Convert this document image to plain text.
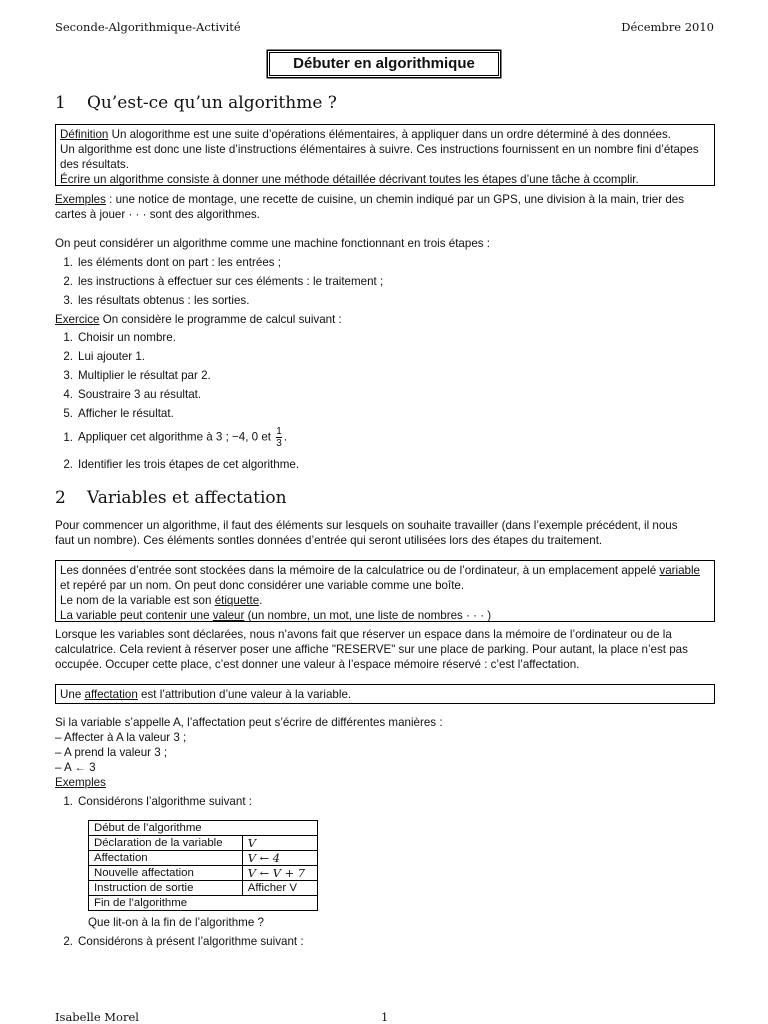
Seconde-Algorithmique-Activité	Décembre 2010
Débuter en algorithmique
1 Qu’est-ce qu’un algorithme ?
Définition Un alogorithme est une suite d’opérations élémentaires, à appliquer dans un ordre déterminé à des données.
Un algorithme est donc une liste d’instructions élémentaires à suivre. Ces instructions fournissent en un nombre fini d’étapes
des résultats.
Écrire un algorithme consiste à donner une méthode détaillée décrivant toutes les étapes d’une tâche à ccomplir.
Exemples : une notice de montage, une recette de cuisine, un chemin indiqué par un GPS, une division à la main, trier des
cartes à jouer · · · sont des algorithmes.
On peut considérer un algorithme comme une machine fonctionnant en trois étapes :
1. les éléments dont on part : les entrées ;
2. les instructions à effectuer sur ces éléments : le traitement ;
3. les résultats obtenus : les sorties.
Exercice On considère le programme de calcul suivant :
1. Choisir un nombre.
2. Lui ajouter 1.
3. Multiplier le résultat par 2.
4. Soustraire 3 au résultat.
5. Afficher le résultat.
1. Appliquer cet algorithme à 3 ; −4, 0 et $\frac{1}{3}$ .
2. Identifier les trois étapes de cet algorithme.
2 Variables et affectation
Pour commencer un algorithme, il faut des éléments sur lesquels on souhaite travailler (dans l’exemple précédent, il nous
faut un nombre). Ces éléments sontles données d’entrée qui seront utilisées lors des étapes du traitement.
Les données d’entrée sont stockées dans la mémoire de la calculatrice ou de l’ordinateur, à un emplacement appelé variable
et repéré par un nom. On peut donc considérer une variable comme une boîte.
Le nom de la variable est son étiquette.
La variable peut contenir une valeur (un nombre, un mot, une liste de nombres · · · )
Lorsque les variables sont déclarées, nous n’avons fait que réserver un espace dans la mémoire de l’ordinateur ou de la
calculatrice. Cela revient à réserver poser une affiche "RESERVE" sur une place de parking. Pour autant, la place n’est pas
occupée. Occuper cette place, c’est donner une valeur à l’espace mémoire réservé : c’est l’affectation.
Une affectation est l’attribution d’une valeur à la variable.
Si la variable s’appelle A, l’affectation peut s’écrire de différentes manières :
– Affecter à A la valeur 3 ;
– A prend la valeur 3 ;
– A ← 3
Exemples
1. Considérons l’algorithme suivant :
Début de l’algorithme	
Déclaration de la variable	V
Affectation	V ← 4
Nouvelle affectation	V ← V + 7
Instruction de sortie	Afficher V
Fin de l’algorithme	
Que lit-on à la fin de l’algorithme ?
2. Considérons à présent l’algorithme suivant :
Isabelle Morel	1
